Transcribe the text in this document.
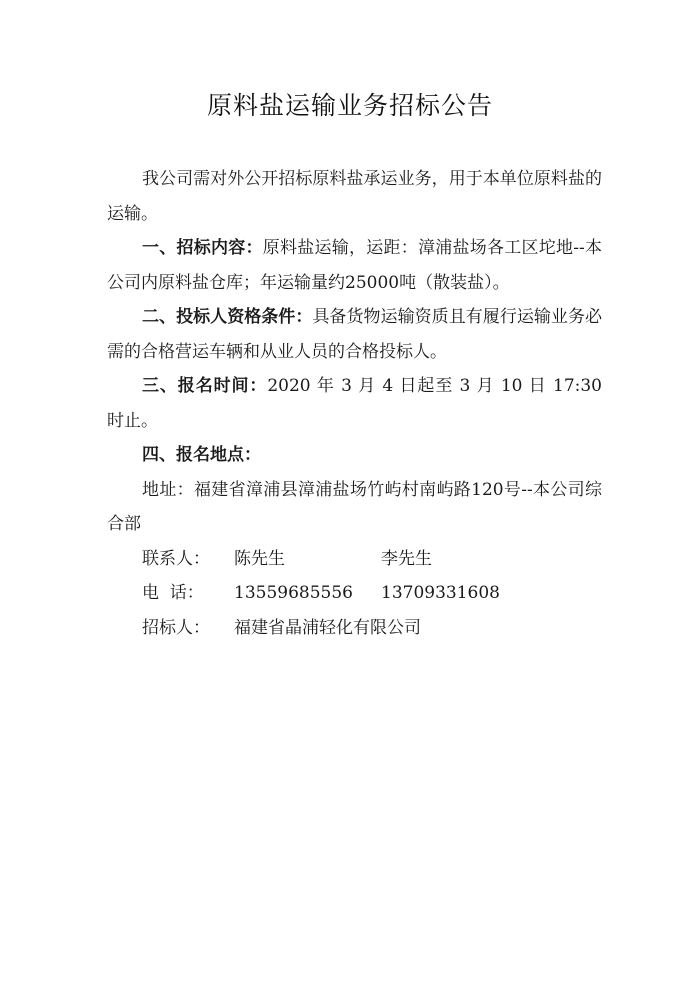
原料盐运输业务招标公告

我公司需对外公开招标原料盐承运业务，用于本单位原料盐的运输。

一、招标内容：原料盐运输，运距：漳浦盐场各工区坨地--本公司内原料盐仓库；年运输量约25000吨（散装盐）。

二、投标人资格条件：具备货物运输资质且有履行运输业务必需的合格营运车辆和从业人员的合格投标人。

三、报名时间：2020 年 3 月 4 日起至 3 月 10 日 17:30 时止。

四、报名地点：

地址：福建省漳浦县漳浦盐场竹屿村南屿路120号--本公司综合部

联系人：	陈先生	李先生

电  话：	13559685556	13709331608

招标人：	福建省晶浦轻化有限公司
